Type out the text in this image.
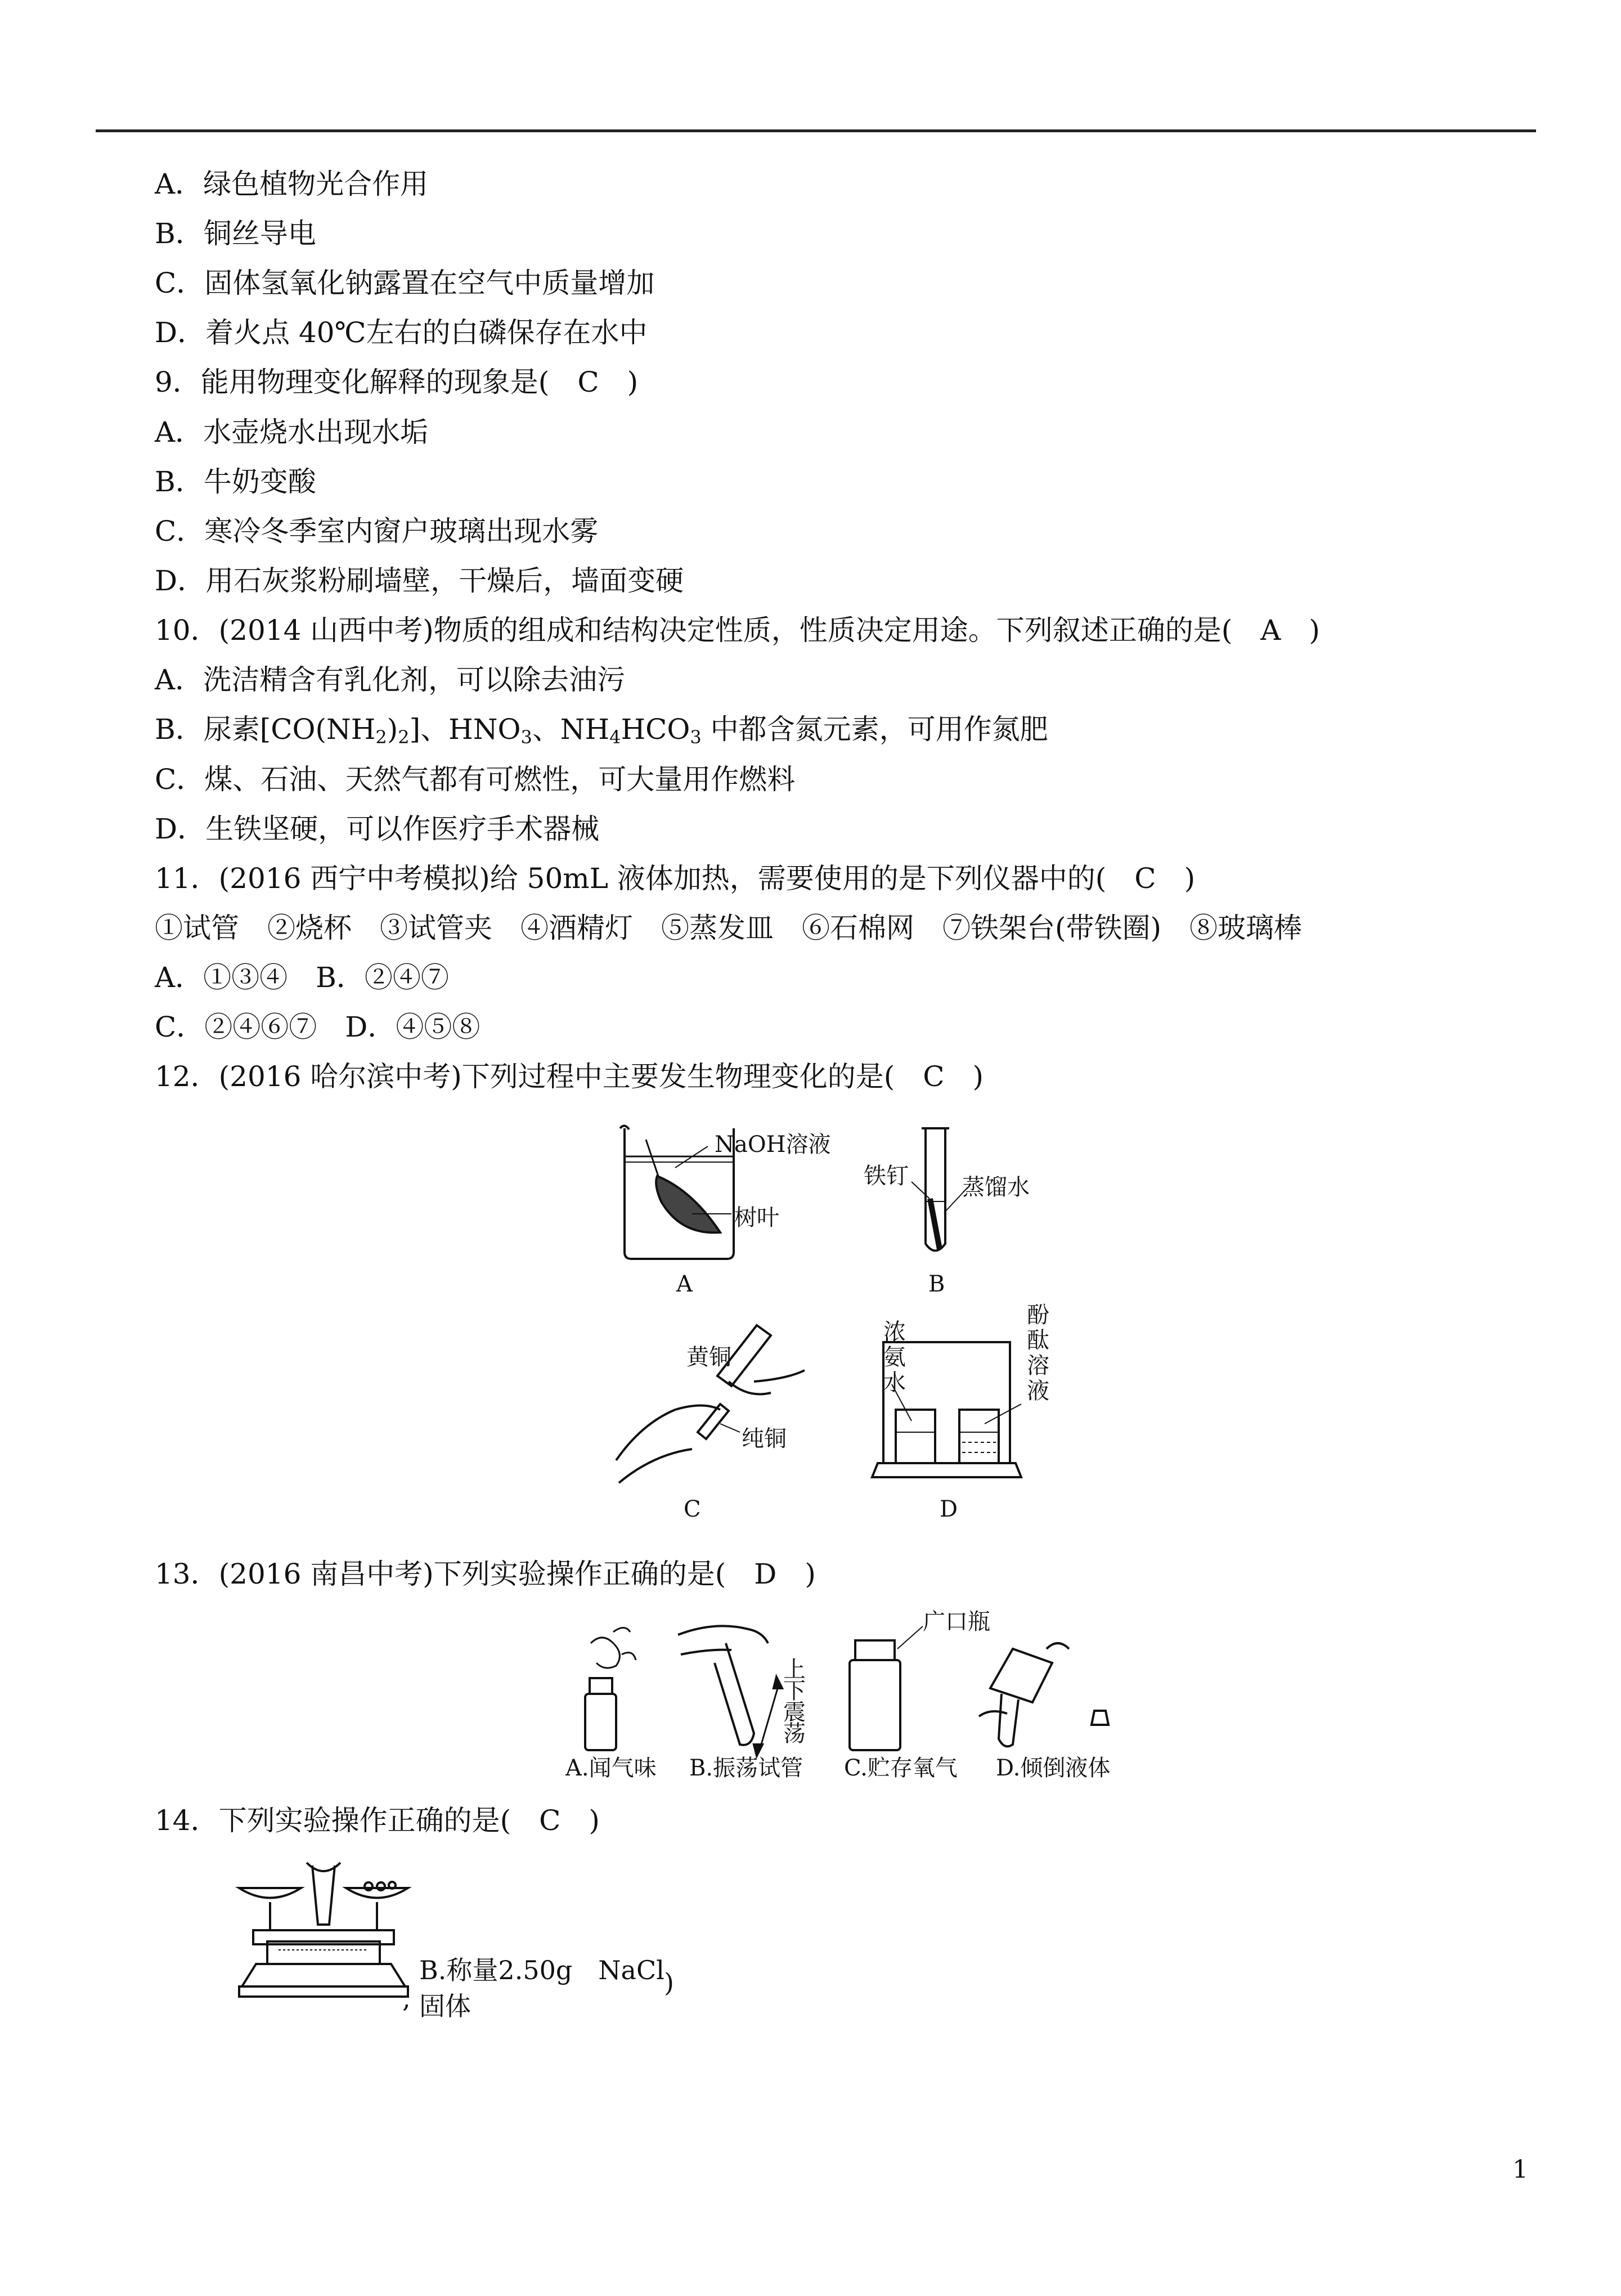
A．绿色植物光合作用
B．铜丝导电
C．固体氢氧化钠露置在空气中质量增加
D．着火点 40℃左右的白磷保存在水中
9．能用物理变化解释的现象是(　C　)
A．水壶烧水出现水垢
B．牛奶变酸
C．寒冷冬季室内窗户玻璃出现水雾
D．用石灰浆粉刷墙壁，干燥后，墙面变硬
10．(2014 山西中考)物质的组成和结构决定性质，性质决定用途。下列叙述正确的是(　A　)
A．洗洁精含有乳化剂，可以除去油污
B．尿素$[CO(NH_2)_2]$、$HNO_3$、$NH_4HCO_3$ 中都含氮元素，可用作氮肥
C．煤、石油、天然气都有可燃性，可大量用作燃料
D．生铁坚硬，可以作医疗手术器械
11．(2016 西宁中考模拟)给 50mL 液体加热，需要使用的是下列仪器中的(　C　)
①试管　②烧杯　③试管夹　④酒精灯　⑤蒸发皿　⑥石棉网　⑦铁架台(带铁圈)　⑧玻璃棒
A．①③④　B．②④⑦
C．②④⑥⑦　D．④⑤⑧
12．(2016 哈尔滨中考)下列过程中主要发生物理变化的是(　C　)
NaOH溶液
树叶
A
铁钉 蒸馏水
B
黄铜
纯铜
C
浓
氨
水
酚
酞
溶
液
D
13．(2016 南昌中考)下列实验操作正确的是(　D　)
A.闻气味
上
下
震
荡
B.振荡试管
广口瓶
C.贮存氧气 D.倾倒液体
14．下列实验操作正确的是(　C　)
B.称量2.50g　NaCl
, 固体
)
1
